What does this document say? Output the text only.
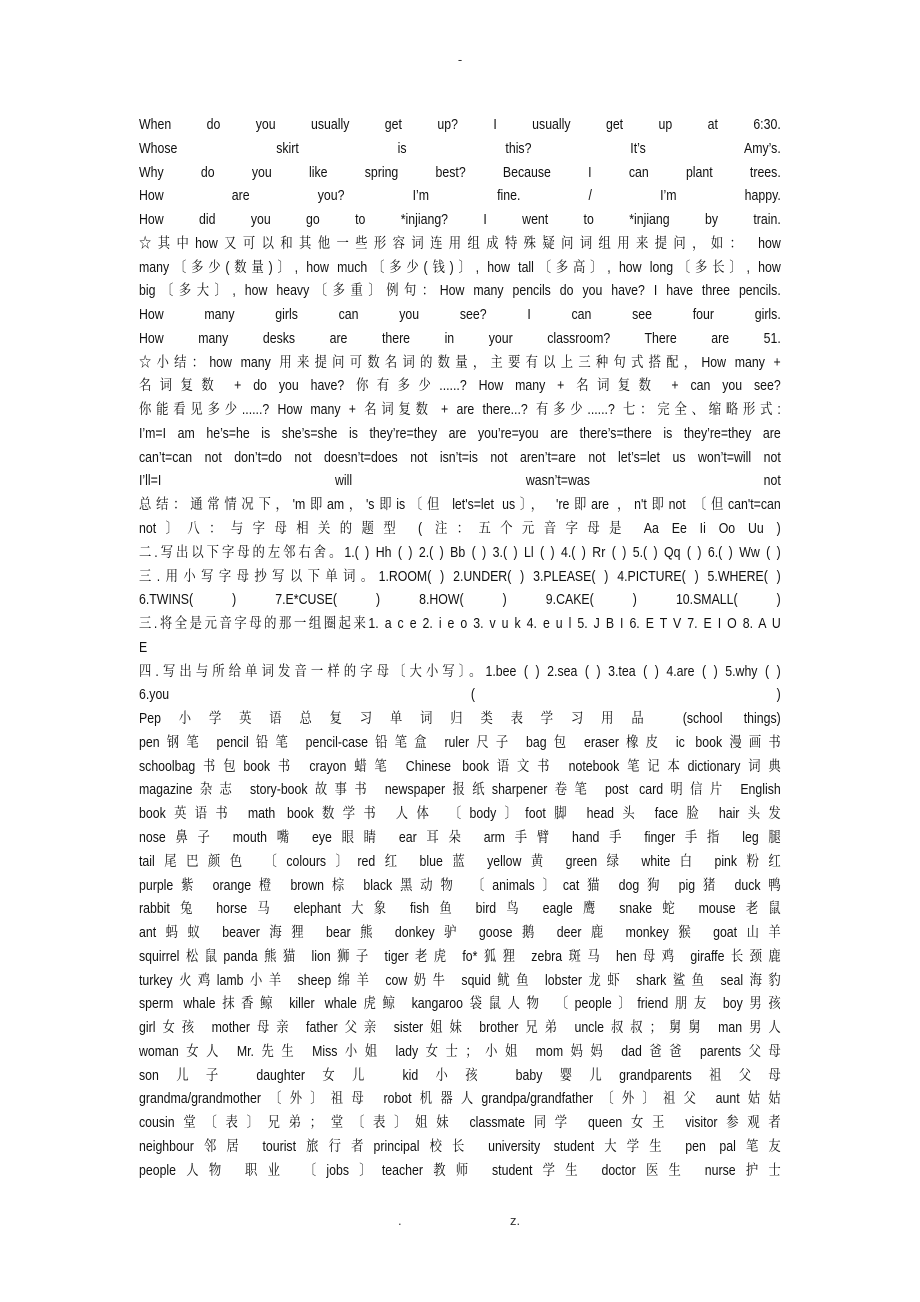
-
When do you usually get up? I usually get up at 6:30.
Whose skirt is this? It’s Amy’s.
Why do you like spring best? Because I can plant trees.
How are you? I’m fine. / I’m happy.
How did you go to *injiang? I went to *injiang by train.
☆其中how又可以和其他一些形容词连用组成特殊疑问词组用来提问，如： how
many〔多少(数量)〕, how much〔多少(钱)〕, how tall〔多高〕, how long〔多长〕, how
big〔多大〕, how heavy〔多重〕例句：How many pencils do you have? I have three pencils.
How many girls can you see? I can see four girls.
How many desks are there in your classroom? There are 51.
☆小结：how many 用来提问可数名词的数量，主要有以上三种句式搭配，How many +
名词复数 + do you have? 你有多少......? How many + 名词复数 + can you see?
你能看见多少......? How many + 名词复数 + are there...? 有多少......? 七：完全、缩略形式:
I’m=I am he’s=he is she’s=she is they’re=they are you’re=you are there’s=there is they’re=they are
can’t=can not don’t=do not doesn’t=does not isn’t=is not aren’t=are not let’s=let us won’t=will not
I’ll=I will wasn’t=was not
总结：通常情况下，'m即am，'s即is〔但 let's=let us〕， 're即are ，n't即not 〔但can't=can
not〕八：与字母相关的题型 ( 注：五个元音字母是 Aa Ee Ii Oo Uu )
二.写出以下字母的左邻右舍。1.( ) Hh ( ) 2.( ) Bb ( ) 3.( ) Ll ( ) 4.( ) Rr ( ) 5.( ) Qq ( ) 6.( ) Ww ( )
三.用小写字母抄写以下单词。1.ROOM( ) 2.UNDER( ) 3.PLEASE( ) 4.PICTURE( ) 5.WHERE( )
6.TWINS( ) 7.E*CUSE( ) 8.HOW( ) 9.CAKE( ) 10.SMALL( )
三.将全是元音字母的那一组圈起来1. a c e 2. i e o 3. v u k 4. e u l 5. J B I 6. E T V 7. E I O 8. A U
E
四.写出与所给单词发音一样的字母〔大小写〕。1.bee ( ) 2.sea ( ) 3.tea ( ) 4.are ( ) 5.why ( )
6.you ( )
Pep小学英语总复习单词归类表学习用品 (school things)
pen钢笔 pencil铅笔 pencil-case铅笔盒 ruler尺子 bag包 eraser橡皮 ic book漫画书
schoolbag书包book书 crayon蜡笔 Chinese book语文书 notebook笔记本dictionary词典
magazine杂志 story-book故事书 newspaper报纸sharpener卷笔 post card明信片 English
book英语书 math book数学书 人体 〔body〕foot脚 head头 face脸 hair头发
nose鼻子 mouth嘴 eye眼睛 ear耳朵 arm手臂 hand手 finger手指 leg腿
tail尾巴颜色 〔colours〕red红 blue蓝 yellow黄 green绿 white白 pink粉红
purple紫 orange橙 brown棕 black黑动物 〔animals〕cat猫 dog狗 pig猪 duck鸭
rabbit兔 horse马 elephant大象 fish鱼 bird鸟 eagle鹰 snake蛇 mouse老鼠
ant蚂蚁 beaver海狸 bear熊 donkey驴 goose鹅 deer鹿 monkey猴 goat山羊
squirrel松鼠panda熊猫 lion狮子 tiger老虎 fo*狐狸 zebra斑马 hen母鸡 giraffe长颈鹿
turkey火鸡lamb小羊 sheep绵羊 cow奶牛 squid鱿鱼 lobster龙虾 shark鲨鱼 seal海豹
sperm whale抹香鲸 killer whale虎鲸 kangaroo袋鼠人物 〔people〕friend朋友 boy男孩
girl女孩 mother母亲 father父亲 sister姐妹 brother兄弟 uncle叔叔；舅舅 man男人
woman女人 Mr.先生 Miss小姐 lady女士；小姐 mom妈妈 dad爸爸 parents父母
son儿子 daughter女儿 kid小孩 baby婴儿grandparents祖父母
grandma/grandmother〔外〕祖母 robot机器人grandpa/grandfather〔外〕祖父 aunt姑姑
cousin堂〔表〕兄弟；堂〔表〕姐妹 classmate同学 queen女王 visitor参观者
neighbour邻居 tourist旅行者principal校长 university student大学生 pen pal笔友
people人物 职业 〔jobs〕teacher教师 student学生 doctor医生 nurse护士
.	z.
